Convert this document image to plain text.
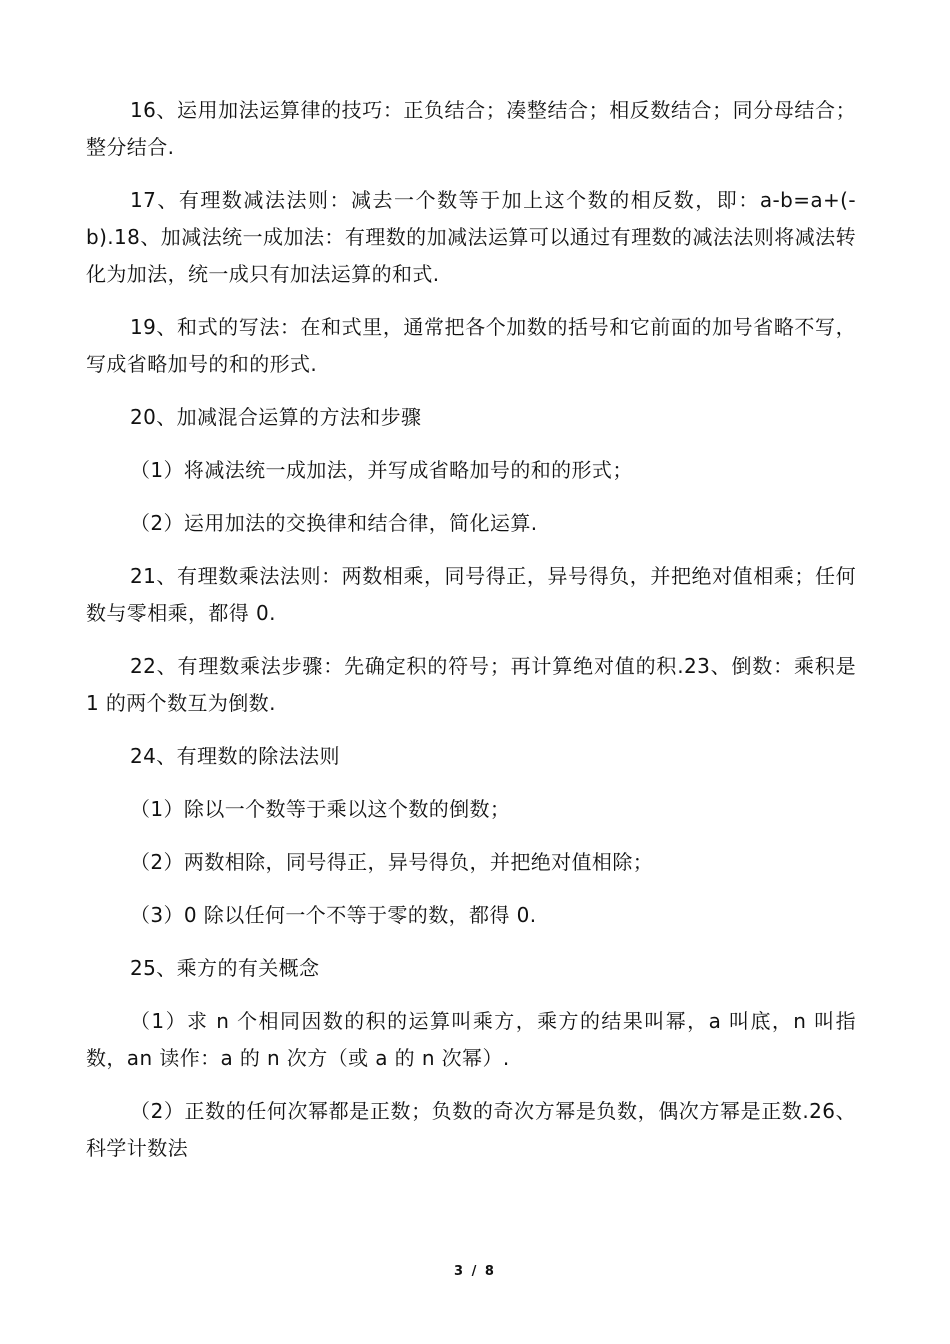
16、运用加法运算律的技巧：正负结合；凑整结合；相反数结合；同分母结合；整分结合.

17、有理数减法法则：减去一个数等于加上这个数的相反数，即：a-b=a+(-b).18、加减法统一成加法：有理数的加减法运算可以通过有理数的减法法则将减法转化为加法，统一成只有加法运算的和式.

19、和式的写法：在和式里，通常把各个加数的括号和它前面的加号省略不写，写成省略加号的和的形式.

20、加减混合运算的方法和步骤

（1）将减法统一成加法，并写成省略加号的和的形式；

（2）运用加法的交换律和结合律，简化运算.

21、有理数乘法法则：两数相乘，同号得正，异号得负，并把绝对值相乘；任何数与零相乘，都得 0.

22、有理数乘法步骤：先确定积的符号；再计算绝对值的积.23、倒数：乘积是 1 的两个数互为倒数.

24、有理数的除法法则

（1）除以一个数等于乘以这个数的倒数；

（2）两数相除，同号得正，异号得负，并把绝对值相除；

（3）0 除以任何一个不等于零的数，都得 0.

25、乘方的有关概念

（1）求 n 个相同因数的积的运算叫乘方，乘方的结果叫幂，a 叫底，n 叫指数，an 读作：a 的 n 次方（或 a 的 n 次幂）.

（2）正数的任何次幂都是正数；负数的奇次方幂是负数，偶次方幂是正数.26、科学计数法

3 / 8
